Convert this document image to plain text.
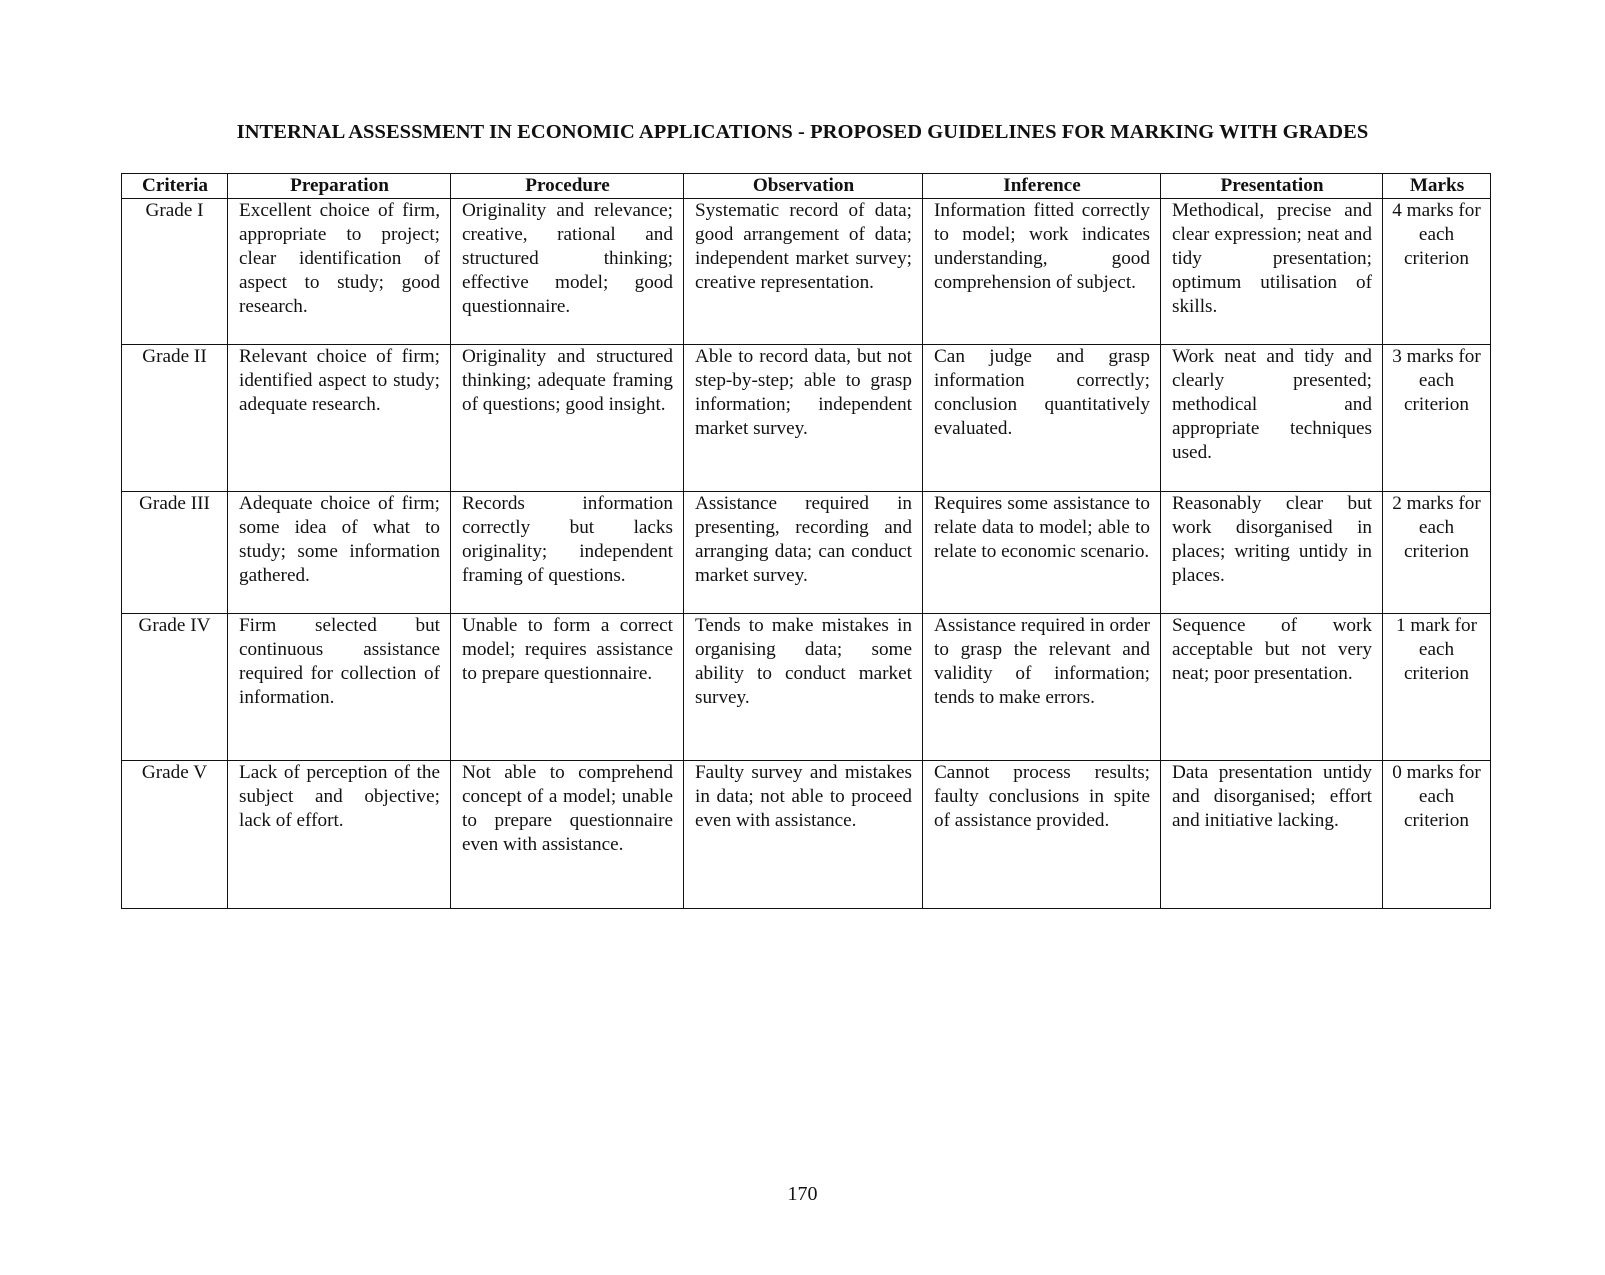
INTERNAL ASSESSMENT IN ECONOMIC APPLICATIONS - PROPOSED GUIDELINES FOR MARKING WITH GRADES
Criteria	Preparation	Procedure	Observation	Inference	Presentation	Marks
Grade I	Excellent choice of firm, appropriate to project; clear identification of aspect to study; good research.	Originality and relevance; creative, rational and structured thinking; effective model; good questionnaire.	Systematic record of data; good arrangement of data; independent market survey; creative representation.	Information fitted correctly to model; work indicates understanding, good comprehension of subject.	Methodical, precise and clear expression; neat and tidy presentation; optimum utilisation of skills.	4 marks for each criterion
Grade II	Relevant choice of firm; identified aspect to study; adequate research.	Originality and structured thinking; adequate framing of questions; good insight.	Able to record data, but not step-by-step; able to grasp information; independent market survey.	Can judge and grasp information correctly; conclusion quantitatively evaluated.	Work neat and tidy and clearly presented; methodical and appropriate techniques used.	3 marks for each criterion
Grade III	Adequate choice of firm; some idea of what to study; some information gathered.	Records information correctly but lacks originality; independent framing of questions.	Assistance required in presenting, recording and arranging data; can conduct market survey.	Requires some assistance to relate data to model; able to relate to economic scenario.	Reasonably clear but work disorganised in places; writing untidy in places.	2 marks for each criterion
Grade IV	Firm selected but continuous assistance required for collection of information.	Unable to form a correct model; requires assistance to prepare questionnaire.	Tends to make mistakes in organising data; some ability to conduct market survey.	Assistance required in order to grasp the relevant and validity of information; tends to make errors.	Sequence of work acceptable but not very neat; poor presentation.	1 mark for each criterion
Grade V	Lack of perception of the subject and objective; lack of effort.	Not able to comprehend concept of a model; unable to prepare questionnaire even with assistance.	Faulty survey and mistakes in data; not able to proceed even with assistance.	Cannot process results; faulty conclusions in spite of assistance provided.	Data presentation untidy and disorganised; effort and initiative lacking.	0 marks for each criterion
170
